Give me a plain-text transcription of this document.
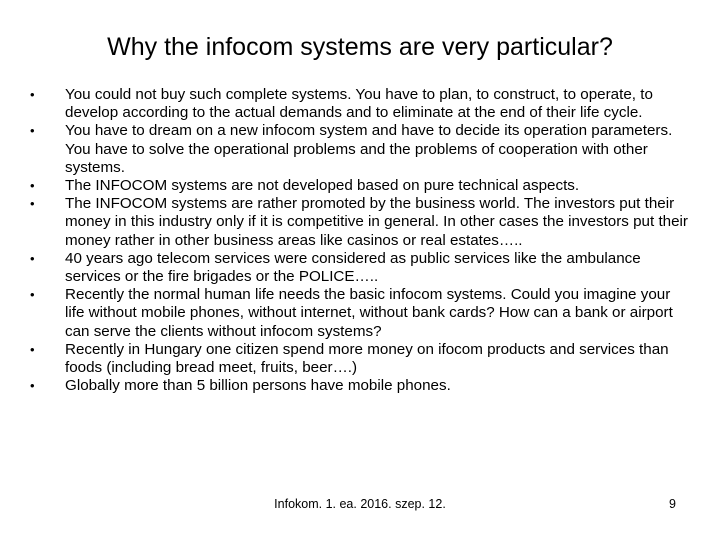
Why the infocom systems are very particular?
•	You could not buy such complete systems. You have to plan, to construct, to operate, to develop according to the actual demands and to eliminate at the end of their life cycle.
•	You have to dream on a new infocom system and have to decide its operation parameters. You have to solve the operational problems and the problems of cooperation with other systems.
•	The INFOCOM systems are not developed based on pure technical aspects.
•	The INFOCOM systems are rather promoted by the business world. The investors put their money in this industry only if it is competitive in general. In other cases the investors put their money rather in other business areas like casinos or real estates…..
•	40 years ago telecom services were considered as public services like the ambulance services or the fire brigades or the POLICE…..
•	Recently the normal human life needs the basic infocom systems. Could you imagine your life without mobile phones, without internet, without bank cards? How can a bank or airport can serve the clients without infocom systems?
•	Recently in Hungary one citizen spend more money on ifocom products and services than foods (including bread meet, fruits, beer….)
•	Globally more than 5 billion persons have mobile phones.
Infokom. 1. ea. 2016. szep. 12.	9
